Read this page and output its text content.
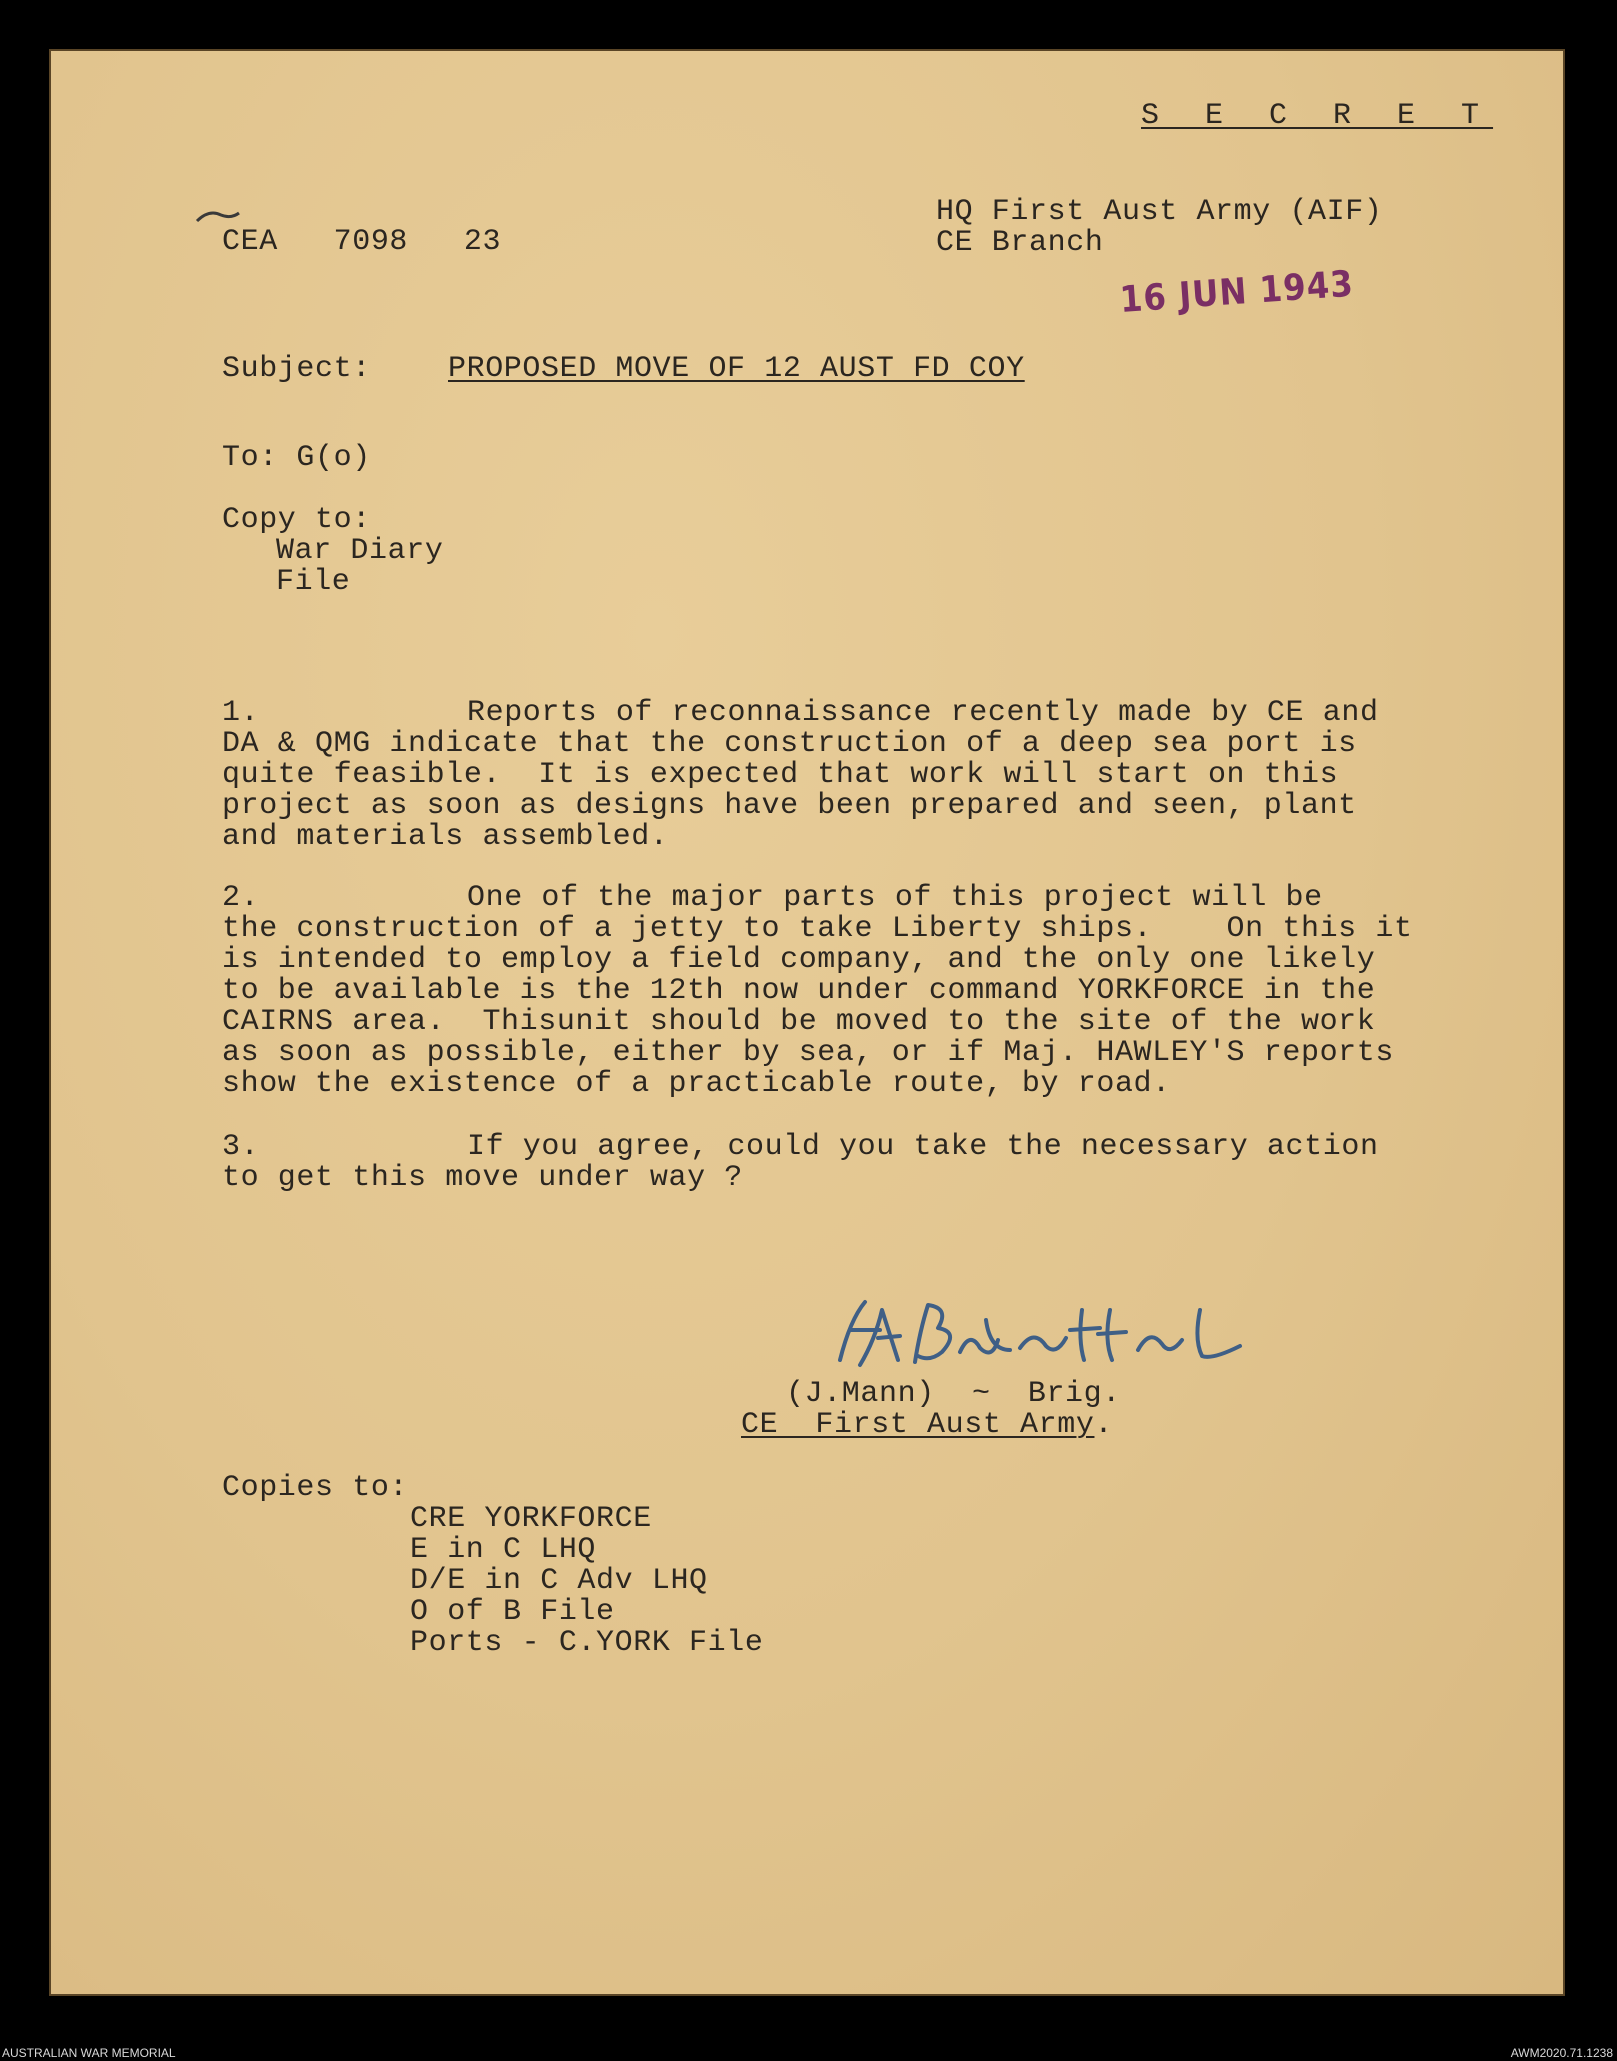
S E C R E T
CEA   7098   23
HQ First Aust Army (AIF)
CE Branch
16 JUN 1943
Subject:	PROPOSED MOVE OF 12 AUST FD COY
To: G(o)
Copy to:
War Diary
File
1.	Reports of reconnaissance recently made by CE and
DA & QMG indicate that the construction of a deep sea port is
quite feasible.  It is expected that work will start on this
project as soon as designs have been prepared and seen, plant
and materials assembled.
2.	One of the major parts of this project will be
the construction of a jetty to take Liberty ships.    On this it
is intended to employ a field company, and the only one likely
to be available is the 12th now under command YORKFORCE in the
CAIRNS area.  Thisunit should be moved to the site of the work
as soon as possible, either by sea, or if Maj. HAWLEY'S reports
show the existence of a practicable route, by road.
3.	If you agree, could you take the necessary action
to get this move under way ?
(J.Mann)  ~  Brig.
CE  First Aust Army.
Copies to:
CRE YORKFORCE
E in C LHQ
D/E in C Adv LHQ
O of B File
Ports - C.YORK File
AUSTRALIAN WAR MEMORIAL	AWM2020.71.1238
